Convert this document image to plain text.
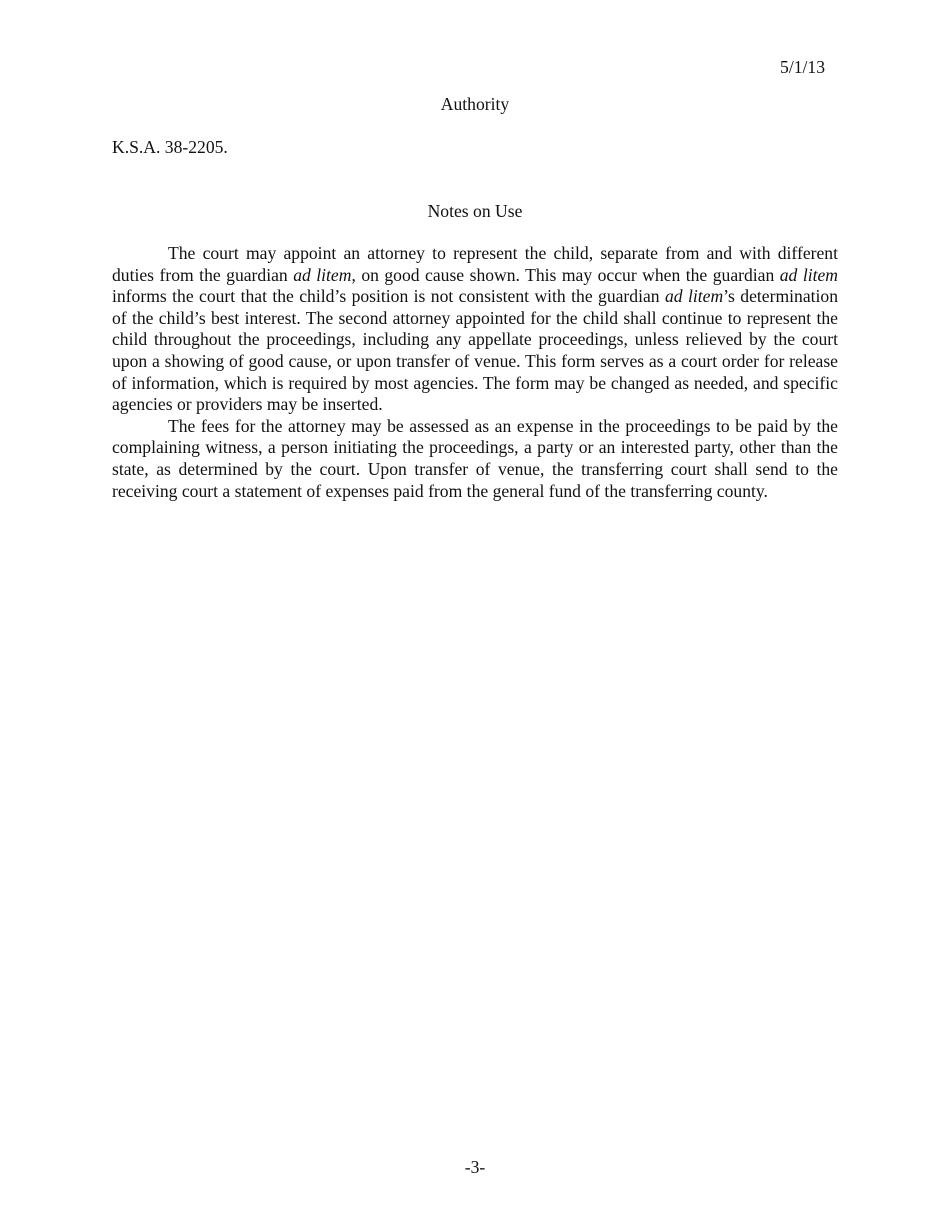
5/1/13
Authority
K.S.A. 38-2205.
Notes on Use

The court may appoint an attorney to represent the child, separate from and with different duties from the guardian ad litem, on good cause shown. This may occur when the guardian ad litem informs the court that the child’s position is not consistent with the guardian ad litem’s determination of the child’s best interest. The second attorney appointed for the child shall continue to represent the child throughout the proceedings, including any appellate proceedings, unless relieved by the court upon a showing of good cause, or upon transfer of venue. This form serves as a court order for release of information, which is required by most agencies. The form may be changed as needed, and specific agencies or providers may be inserted.

The fees for the attorney may be assessed as an expense in the proceedings to be paid by the complaining witness, a person initiating the proceedings, a party or an interested party, other than the state, as determined by the court. Upon transfer of venue, the transferring court shall send to the receiving court a statement of expenses paid from the general fund of the transferring county.

-3-
